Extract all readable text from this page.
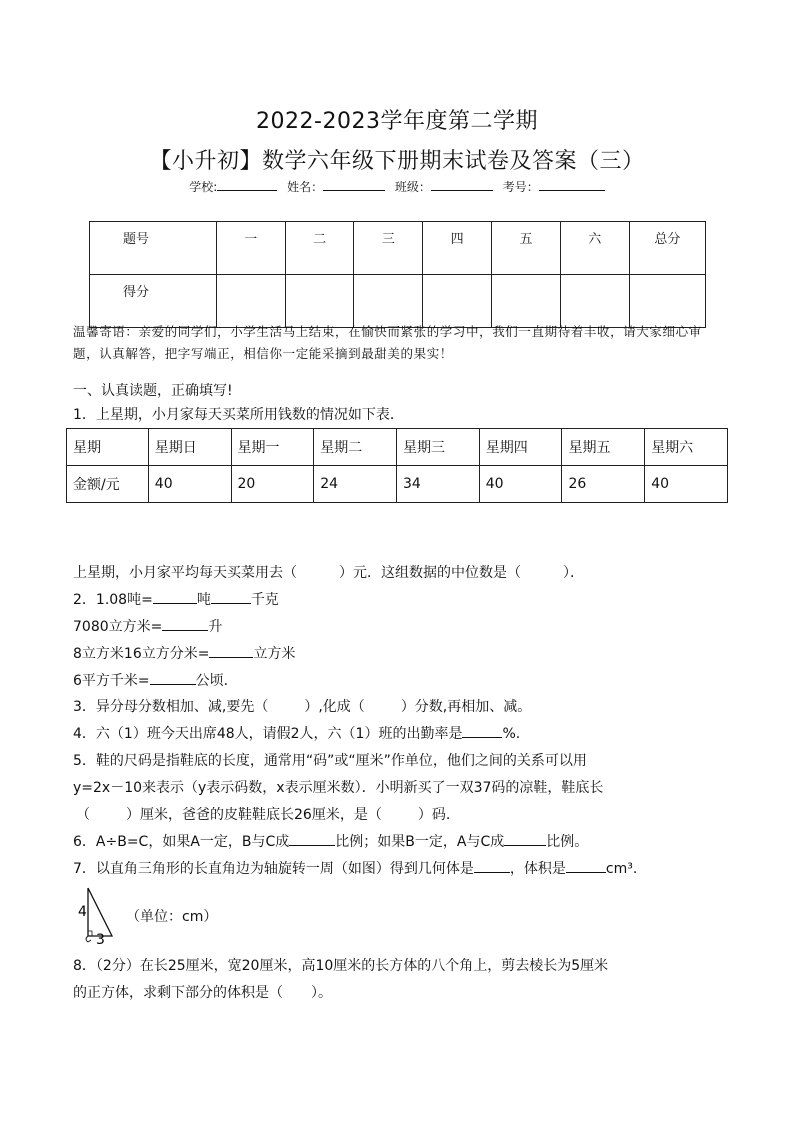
2022-2023学年度第二学期
【小升初】数学六年级下册期末试卷及答案（三）
学校:	姓名：	班级：	考号：
题号	一	二	三	四	五	六	总分
得分							
温馨寄语：亲爱的同学们，小学生活马上结束，在愉快而紧张的学习中，我们一直期待着丰收，请大家细心审题，认真解答，把字写端正，相信你一定能采摘到最甜美的果实！
一、认真读题，正确填写!
1．上星期，小月家每天买菜所用钱数的情况如下表．
星期	星期日	星期一	星期二	星期三	星期四	星期五	星期六
金额/元	40	20	24	34	40	26	40
上星期，小月家平均每天买菜用去（	）元．这组数据的中位数是（	）．
2．1.08吨=	吨	千克
7080立方米=	升
8立方米16立方分米=	立方米
6平方千米=	公顷.
3．异分母分数相加、减,要先（	）,化成（	）分数,再相加、减。
4．六（1）班今天出席48人，请假2人，六（1）班的出勤率是	%.
5．鞋的尺码是指鞋底的长度，通常用“码”或“厘米”作单位，他们之间的关系可以用
y=2x－10来表示（y表示码数，x表示厘米数）．小明新买了一双37码的凉鞋，鞋底长
（	）厘米，爸爸的皮鞋鞋底长26厘米，是（	）码.
6．A÷B=C，如果A一定，B与C成	比例；如果B一定，A与C成	比例。
7．以直角三角形的长直角边为轴旋转一周（如图）得到几何体是	，体积是	cm³.
4
3
（单位：cm）
8．（2分）在长25厘米，宽20厘米，高10厘米的长方体的八个角上，剪去棱长为5厘米
的正方体，求剩下部分的体积是（　　）。
